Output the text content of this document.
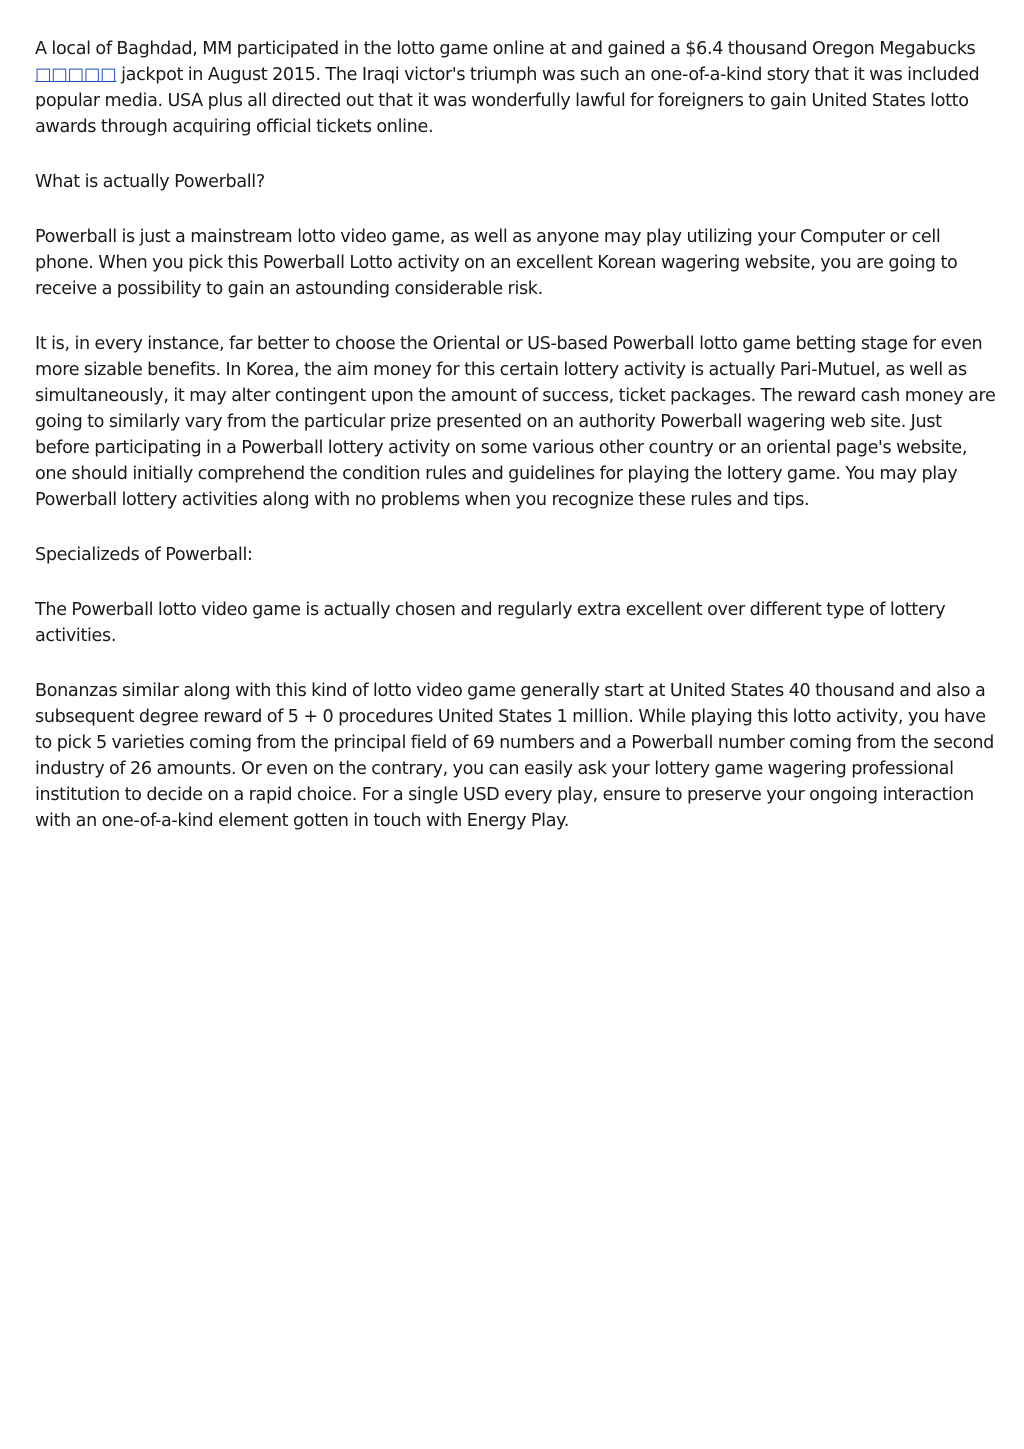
A local of Baghdad, MM participated in the lotto game online at and gained a $6.4 thousand Oregon Megabucks □□□□□ jackpot in August 2015. The Iraqi victor's triumph was such an one-of-a-kind story that it was included popular media. USA plus all directed out that it was wonderfully lawful for foreigners to gain United States lotto awards through acquiring official tickets online.

What is actually Powerball?

Powerball is just a mainstream lotto video game, as well as anyone may play utilizing your Computer or cell phone. When you pick this Powerball Lotto activity on an excellent Korean wagering website, you are going to receive a possibility to gain an astounding considerable risk.

It is, in every instance, far better to choose the Oriental or US-based Powerball lotto game betting stage for even more sizable benefits. In Korea, the aim money for this certain lottery activity is actually Pari-Mutuel, as well as simultaneously, it may alter contingent upon the amount of success, ticket packages. The reward cash money are going to similarly vary from the particular prize presented on an authority Powerball wagering web site. Just before participating in a Powerball lottery activity on some various other country or an oriental page's website, one should initially comprehend the condition rules and guidelines for playing the lottery game. You may play Powerball lottery activities along with no problems when you recognize these rules and tips.

Specializeds of Powerball:

The Powerball lotto video game is actually chosen and regularly extra excellent over different type of lottery activities.

Bonanzas similar along with this kind of lotto video game generally start at United States 40 thousand and also a subsequent degree reward of 5 + 0 procedures United States 1 million. While playing this lotto activity, you have to pick 5 varieties coming from the principal field of 69 numbers and a Powerball number coming from the second industry of 26 amounts. Or even on the contrary, you can easily ask your lottery game wagering professional institution to decide on a rapid choice. For a single USD every play, ensure to preserve your ongoing interaction with an one-of-a-kind element gotten in touch with Energy Play.
